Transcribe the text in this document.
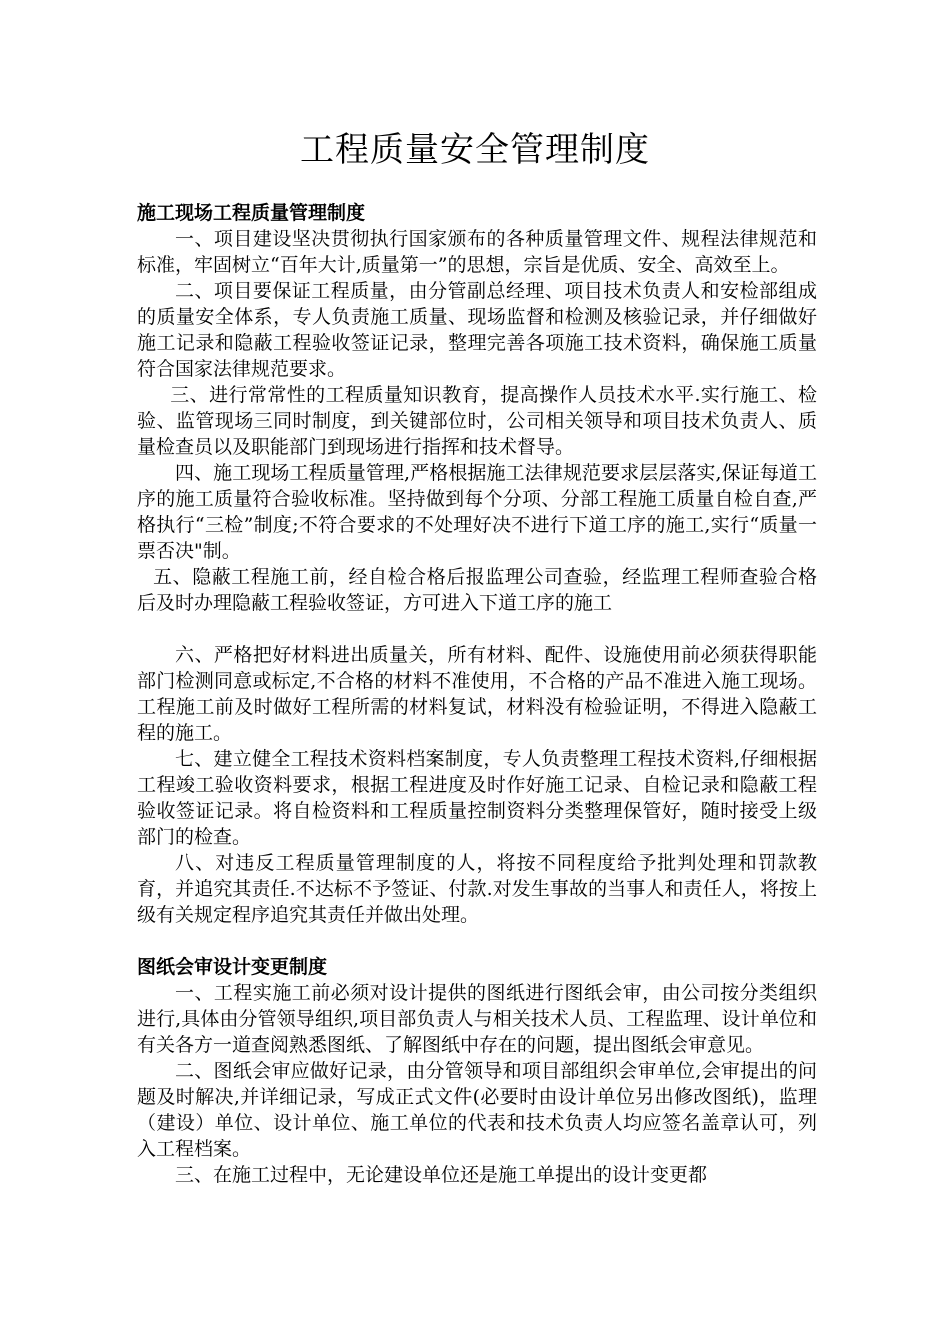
工程质量安全管理制度
施工现场工程质量管理制度

一、项目建设坚决贯彻执行国家颁布的各种质量管理文件、规程法律规范和标准，牢固树立“百年大计,质量第一”的思想，宗旨是优质、安全、高效至上。

二、项目要保证工程质量，由分管副总经理、项目技术负责人和安检部组成的质量安全体系，专人负责施工质量、现场监督和检测及核验记录，并仔细做好施工记录和隐蔽工程验收签证记录，整理完善各项施工技术资料，确保施工质量符合国家法律规范要求。

三、进行常常性的工程质量知识教育，提高操作人员技术水平.实行施工、检验、监管现场三同时制度，到关键部位时，公司相关领导和项目技术负责人、质量检查员以及职能部门到现场进行指挥和技术督导。

四、施工现场工程质量管理,严格根据施工法律规范要求层层落实,保证每道工序的施工质量符合验收标准。坚持做到每个分项、分部工程施工质量自检自查,严格执行“三检”制度;不符合要求的不处理好决不进行下道工序的施工,实行“质量一票否决"制。

五、隐蔽工程施工前，经自检合格后报监理公司查验，经监理工程师查验合格后及时办理隐蔽工程验收签证，方可进入下道工序的施工

六、严格把好材料进出质量关，所有材料、配件、设施使用前必须获得职能部门检测同意或标定,不合格的材料不准使用，不合格的产品不准进入施工现场。工程施工前及时做好工程所需的材料复试，材料没有检验证明，不得进入隐蔽工程的施工。

七、建立健全工程技术资料档案制度，专人负责整理工程技术资料,仔细根据工程竣工验收资料要求，根据工程进度及时作好施工记录、自检记录和隐蔽工程验收签证记录。将自检资料和工程质量控制资料分类整理保管好，随时接受上级部门的检查。

八、对违反工程质量管理制度的人，将按不同程度给予批判处理和罚款教育，并追究其责任.不达标不予签证、付款.对发生事故的当事人和责任人，将按上级有关规定程序追究其责任并做出处理。

图纸会审设计变更制度

一、工程实施工前必须对设计提供的图纸进行图纸会审，由公司按分类组织进行,具体由分管领导组织,项目部负责人与相关技术人员、工程监理、设计单位和有关各方一道查阅熟悉图纸、了解图纸中存在的问题，提出图纸会审意见。

二、图纸会审应做好记录，由分管领导和项目部组织会审单位,会审提出的问题及时解决,并详细记录，写成正式文件(必要时由设计单位另出修改图纸)，监理（建设）单位、设计单位、施工单位的代表和技术负责人均应签名盖章认可，列入工程档案。

三、在施工过程中，无论建设单位还是施工单提出的设计变更都
